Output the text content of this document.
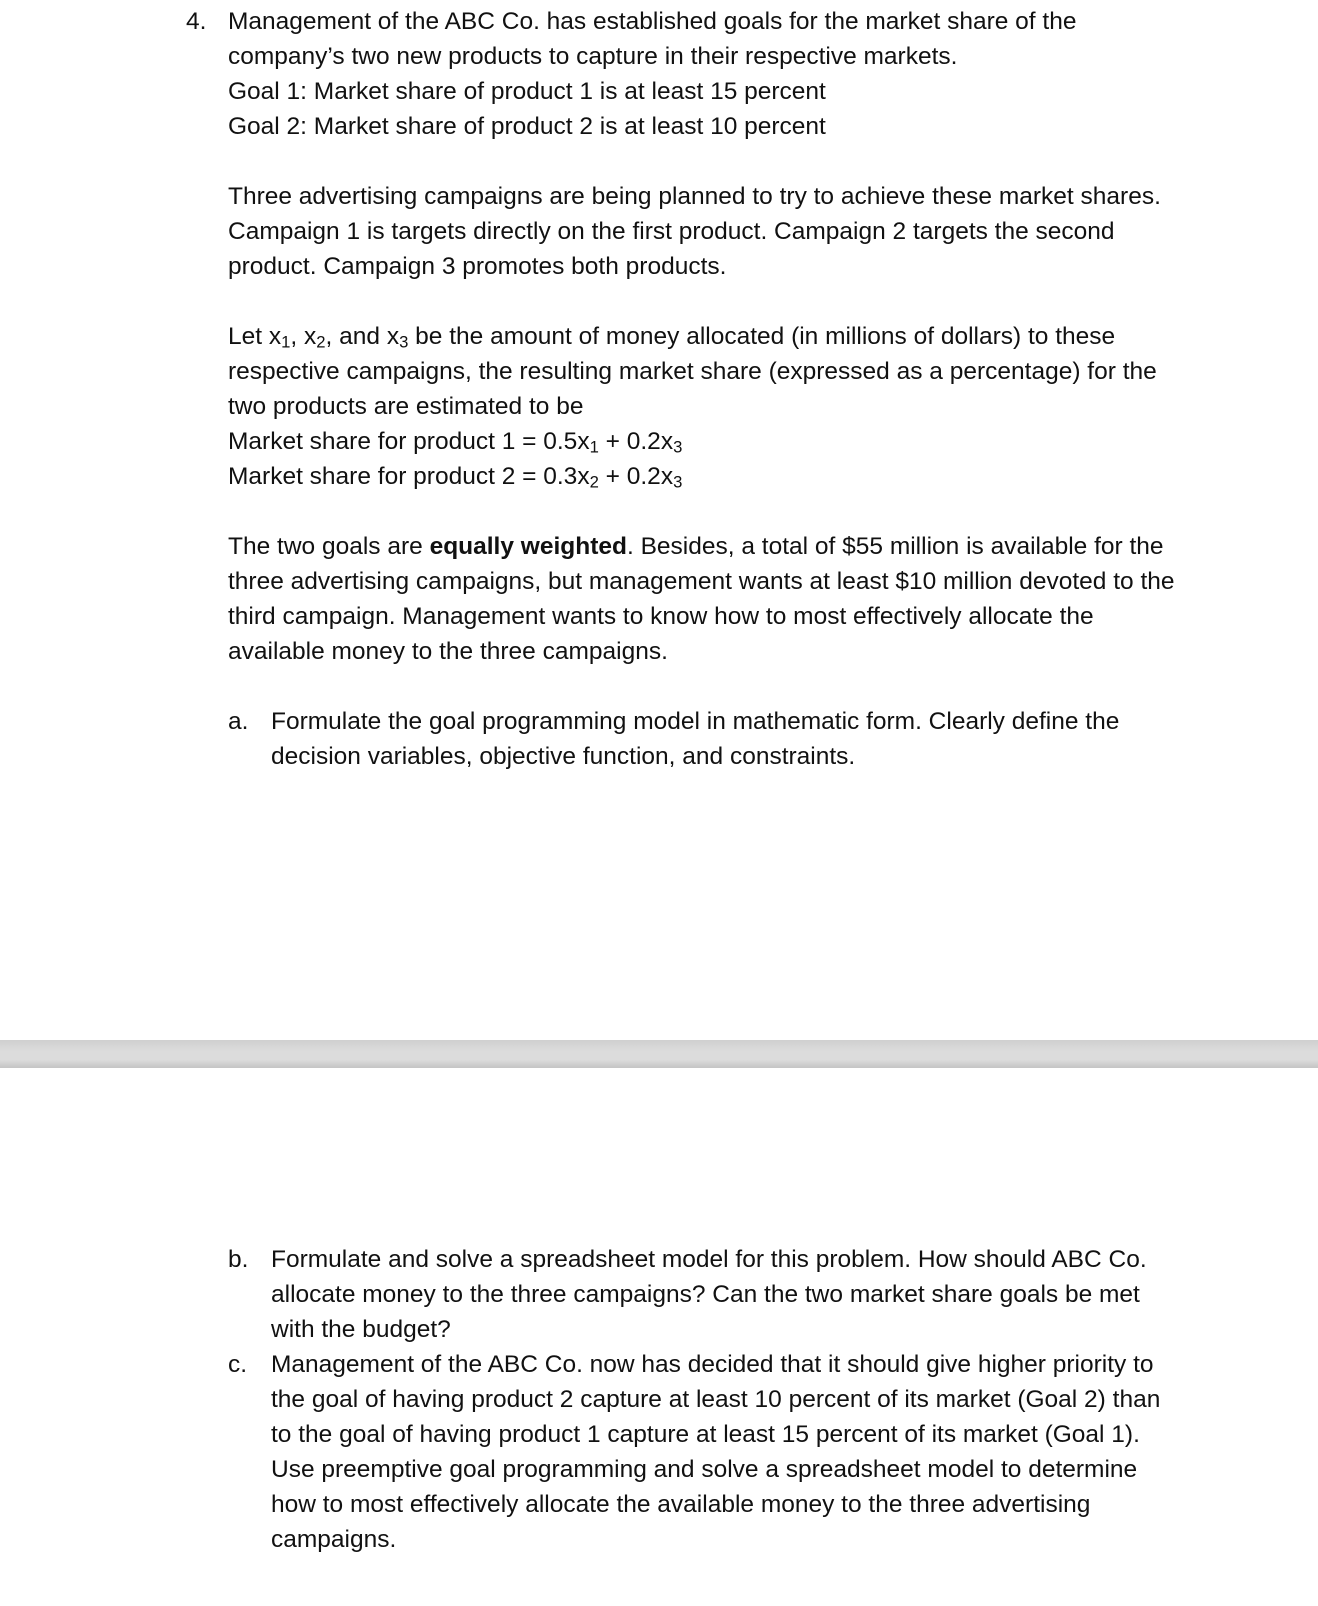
4. Management of the ABC Co. has established goals for the market share of the
company’s two new products to capture in their respective markets.
Goal 1: Market share of product 1 is at least 15 percent
Goal 2: Market share of product 2 is at least 10 percent
Three advertising campaigns are being planned to try to achieve these market shares.
Campaign 1 is targets directly on the first product. Campaign 2 targets the second
product. Campaign 3 promotes both products.
Let $x_1$, $x_2$, and $x_3$ be the amount of money allocated (in millions of dollars) to these
respective campaigns, the resulting market share (expressed as a percentage) for the
two products are estimated to be
Market share for product $1 = 0.5x_1 + 0.2x_3$
Market share for product $2 = 0.3x_2 + 0.2x_3$
The two goals are equally weighted. Besides, a total of $55 million is available for the
three advertising campaigns, but management wants at least $10 million devoted to the
third campaign. Management wants to know how to most effectively allocate the
available money to the three campaigns.
a. Formulate the goal programming model in mathematic form. Clearly define the
decision variables, objective function, and constraints.
b. Formulate and solve a spreadsheet model for this problem. How should ABC Co.
allocate money to the three campaigns? Can the two market share goals be met
with the budget?
c. Management of the ABC Co. now has decided that it should give higher priority to
the goal of having product 2 capture at least 10 percent of its market (Goal 2) than
to the goal of having product 1 capture at least 15 percent of its market (Goal 1).
Use preemptive goal programming and solve a spreadsheet model to determine
how to most effectively allocate the available money to the three advertising
campaigns.
